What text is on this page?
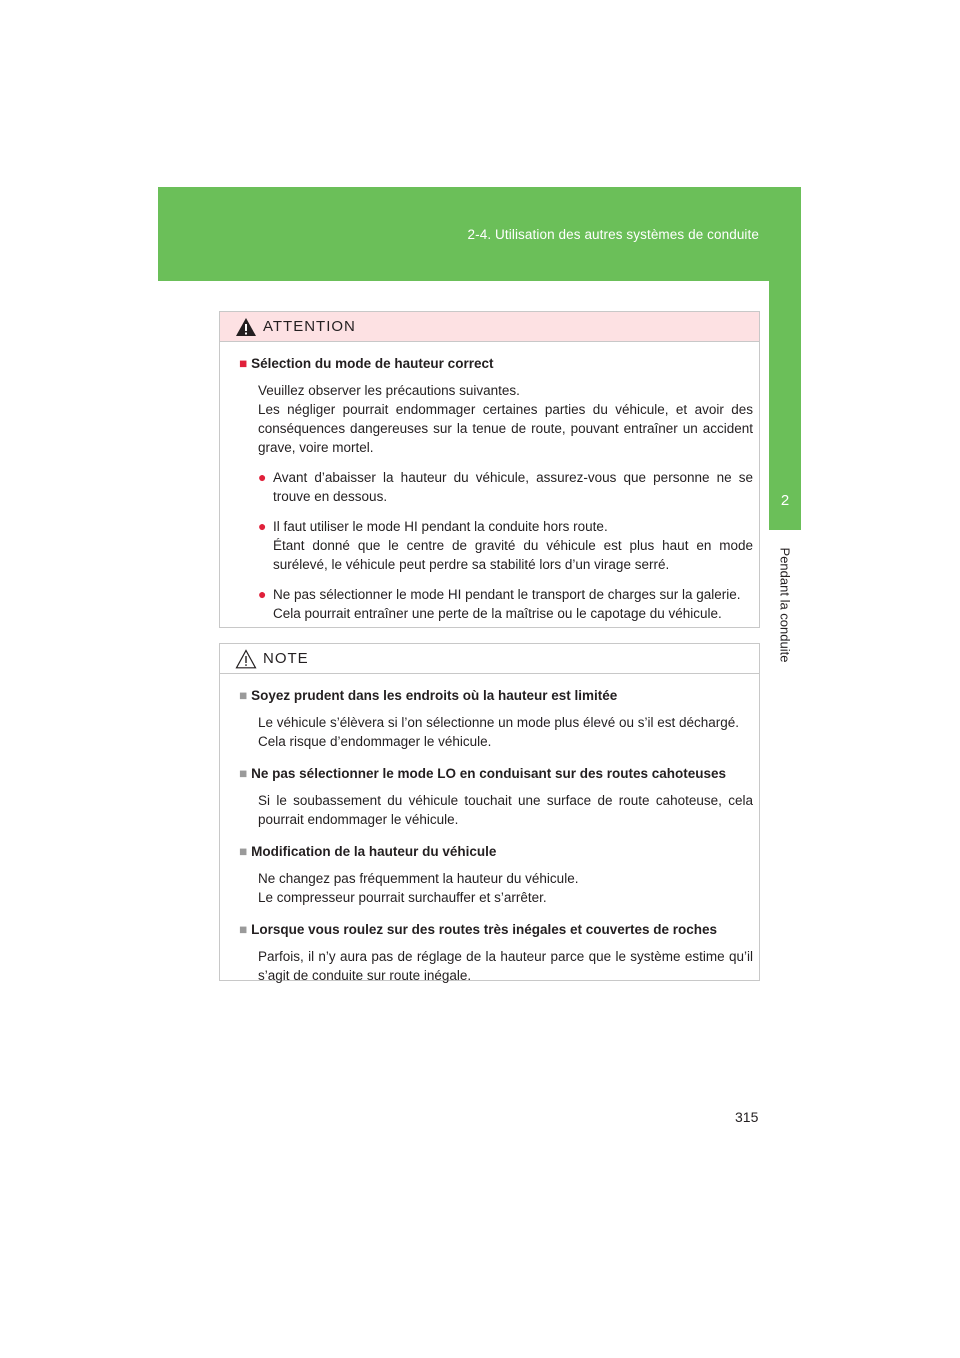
2-4. Utilisation des autres systèmes de conduite
2
Pendant la conduite
ATTENTION
■ Sélection du mode de hauteur correct
Veuillez observer les précautions suivantes.
Les négliger pourrait endommager certaines parties du véhicule, et avoir des conséquences dangereuses sur la tenue de route, pouvant entraîner un accident grave, voire mortel.
● Avant d’abaisser la hauteur du véhicule, assurez-vous que personne ne se trouve en dessous.
● Il faut utiliser le mode HI pendant la conduite hors route.
Étant donné que le centre de gravité du véhicule est plus haut en mode surélevé, le véhicule peut perdre sa stabilité lors d’un virage serré.
● Ne pas sélectionner le mode HI pendant le transport de charges sur la galerie.
Cela pourrait entraîner une perte de la maîtrise ou le capotage du véhicule.
NOTE
■ Soyez prudent dans les endroits où la hauteur est limitée
Le véhicule s’élèvera si l’on sélectionne un mode plus élevé ou s’il est déchargé.
Cela risque d’endommager le véhicule.
■ Ne pas sélectionner le mode LO en conduisant sur des routes cahoteuses
Si le soubassement du véhicule touchait une surface de route cahoteuse, cela pourrait endommager le véhicule.
■ Modification de la hauteur du véhicule
Ne changez pas fréquemment la hauteur du véhicule.
Le compresseur pourrait surchauffer et s’arrêter.
■ Lorsque vous roulez sur des routes très inégales et couvertes de roches
Parfois, il n’y aura pas de réglage de la hauteur parce que le système estime qu’il s’agit de conduite sur route inégale.
315
